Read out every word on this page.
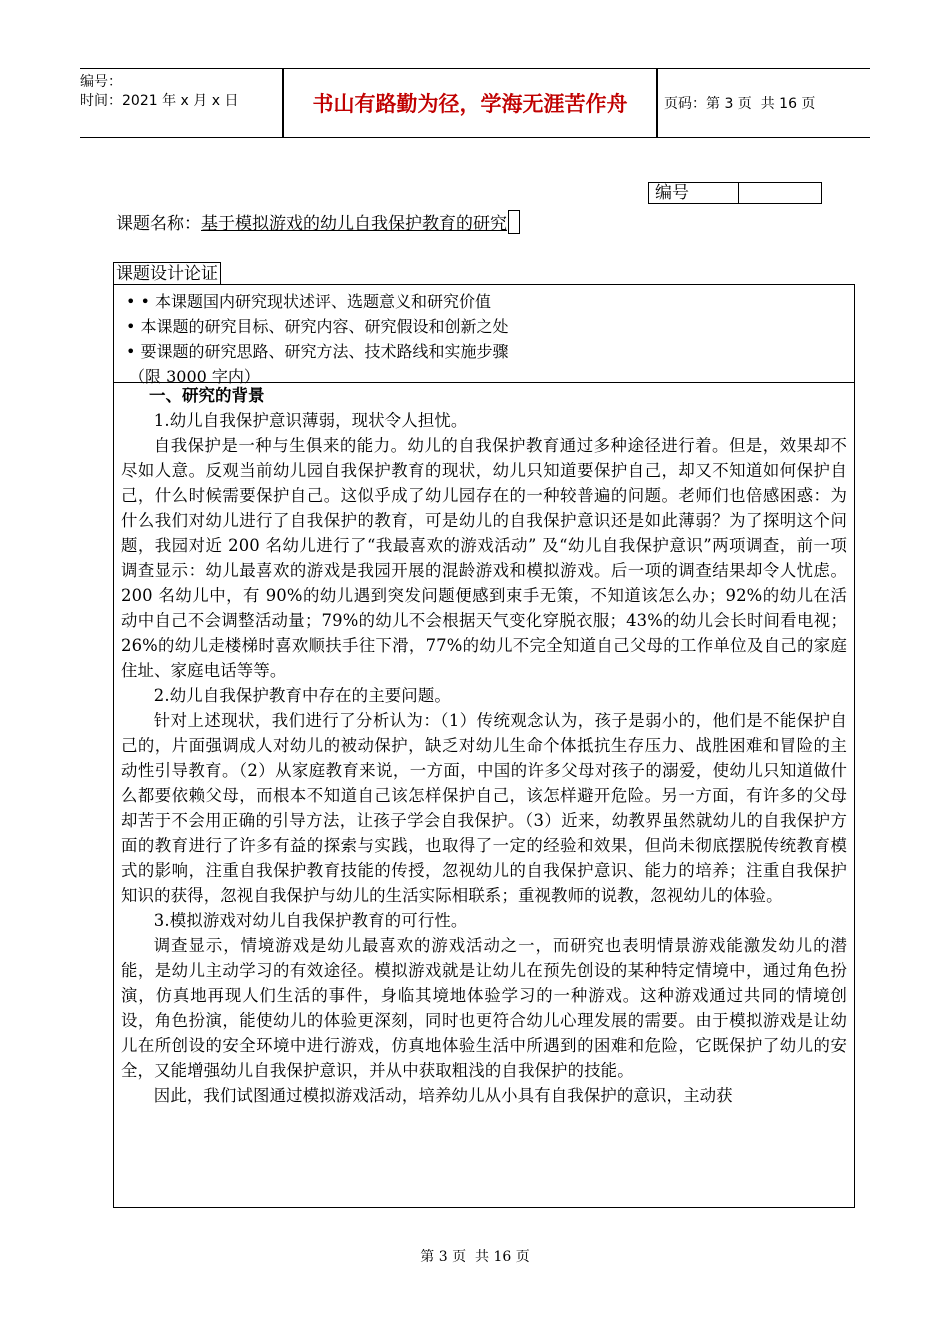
编号：
时间：2021 年 x 月 x 日	书山有路勤为径，学海无涯苦作舟	页码：第 3 页  共 16 页
编号
课题名称：基于模拟游戏的幼儿自我保护教育的研究
课题设计论证
• • 本课题国内研究现状述评、选题意义和研究价值
• 本课题的研究目标、研究内容、研究假设和创新之处
• 要课题的研究思路、研究方法、技术路线和实施步骤
（限 3000 字内）
一、研究的背景

1.幼儿自我保护意识薄弱，现状令人担忧。

自我保护是一种与生俱来的能力。幼儿的自我保护教育通过多种途径进行着。但是，效果却不尽如人意。反观当前幼儿园自我保护教育的现状，幼儿只知道要保护自己，却又不知道如何保护自己，什么时候需要保护自己。这似乎成了幼儿园存在的一种较普遍的问题。老师们也倍感困惑：为什么我们对幼儿进行了自我保护的教育，可是幼儿的自我保护意识还是如此薄弱？为了探明这个问题，我园对近 200 名幼儿进行了“我最喜欢的游戏活动” 及“幼儿自我保护意识”两项调查，前一项调查显示：幼儿最喜欢的游戏是我园开展的混龄游戏和模拟游戏。后一项的调查结果却令人忧虑。200 名幼儿中，有 90%的幼儿遇到突发问题便感到束手无策，不知道该怎么办；92%的幼儿在活动中自己不会调整活动量；79%的幼儿不会根据天气变化穿脱衣服；43%的幼儿会长时间看电视；26%的幼儿走楼梯时喜欢顺扶手往下滑，77%的幼儿不完全知道自己父母的工作单位及自己的家庭住址、家庭电话等等。

2.幼儿自我保护教育中存在的主要问题。

针对上述现状，我们进行了分析认为：（1）传统观念认为，孩子是弱小的，他们是不能保护自己的，片面强调成人对幼儿的被动保护，缺乏对幼儿生命个体抵抗生存压力、战胜困难和冒险的主动性引导教育。（2）从家庭教育来说，一方面，中国的许多父母对孩子的溺爱，使幼儿只知道做什么都要依赖父母，而根本不知道自己该怎样保护自己，该怎样避开危险。另一方面，有许多的父母却苦于不会用正确的引导方法，让孩子学会自我保护。（3）近来，幼教界虽然就幼儿的自我保护方面的教育进行了许多有益的探索与实践，也取得了一定的经验和效果，但尚未彻底摆脱传统教育模式的影响，注重自我保护教育技能的传授，忽视幼儿的自我保护意识、能力的培养；注重自我保护知识的获得，忽视自我保护与幼儿的生活实际相联系；重视教师的说教，忽视幼儿的体验。

3.模拟游戏对幼儿自我保护教育的可行性。

调查显示，情境游戏是幼儿最喜欢的游戏活动之一，而研究也表明情景游戏能激发幼儿的潜能，是幼儿主动学习的有效途径。模拟游戏就是让幼儿在预先创设的某种特定情境中，通过角色扮演，仿真地再现人们生活的事件，身临其境地体验学习的一种游戏。这种游戏通过共同的情境创设，角色扮演，能使幼儿的体验更深刻，同时也更符合幼儿心理发展的需要。由于模拟游戏是让幼儿在所创设的安全环境中进行游戏，仿真地体验生活中所遇到的困难和危险，它既保护了幼儿的安全，又能增强幼儿自我保护意识，并从中获取粗浅的自我保护的技能。

因此，我们试图通过模拟游戏活动，培养幼儿从小具有自我保护的意识，主动获

第 3 页  共 16 页
